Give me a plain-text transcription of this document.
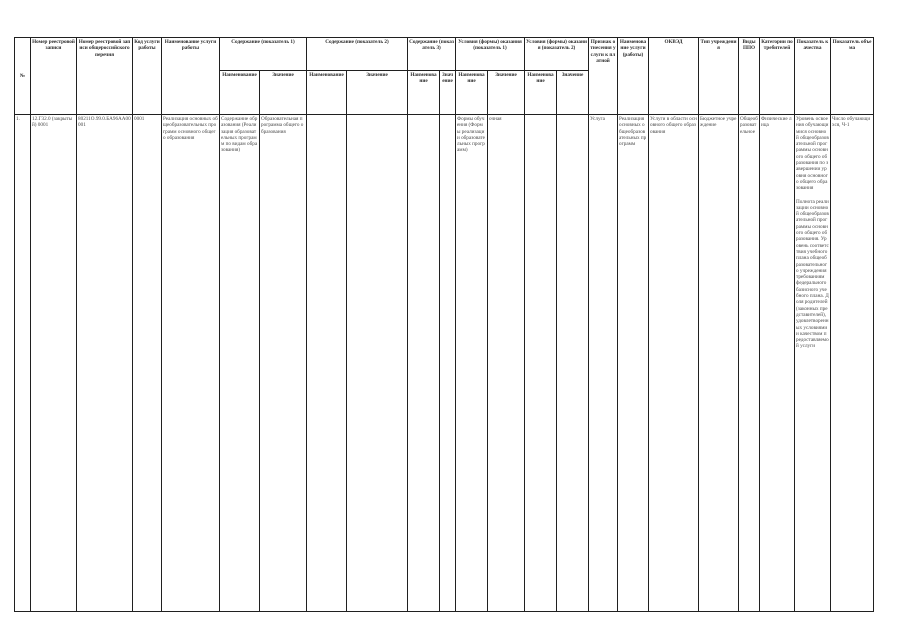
№	Номер реестровой записи	Номер реестровой записи общероссийского перечня	Код услуги работы	Наименование услуги работы	Содержание (показатель 1)		Содержание (показатель 2)		Содержание (показатель 3)		Условия (формы) оказания (показатель 1)		Условия (формы) оказания (показатель 2)		Признак отнесения услуги к платной	Наименование услуги (работы)	ОКВЭД	Тип учреждения	Виды ППО	Категории потребителей	Показатель качества	Показатель объема
					Наименование	Значение	Наименование	Значение	Наименование	Значение	Наименование	Значение	Наименование	Значение								
1.	12.Г32.0 (закрытый) 0001	80211О.99.0.БА96АА00001	0001	Реализация основных общеобразовательных программ основного общего образования	Содержание образования (Реализация образовательных программ по видам образования)	Образовательная программа общего образования					Формы обучения (Формы реализации образовательных программ)	очная			Услуга	Реализация основных общеобразовательных программ	Услуги в области основного общего образования	Бюджетное учреждение	Общеобразовательное	Физические лица	Уровень освоения обучающимися основной общеобразовательной программы основного общего образования по завершении уровня основного общего образования
Полнота реализации основной общеобразовательной программы основного общего образования. Уровень соответствия учебного плана общеобразовательного учреждения требованиям федерального базисного учебного плана. Доля родителей (законных представителей), удовлетворенных условиями и качеством предоставляемой услуги	Число обучающихся, Ч-1
